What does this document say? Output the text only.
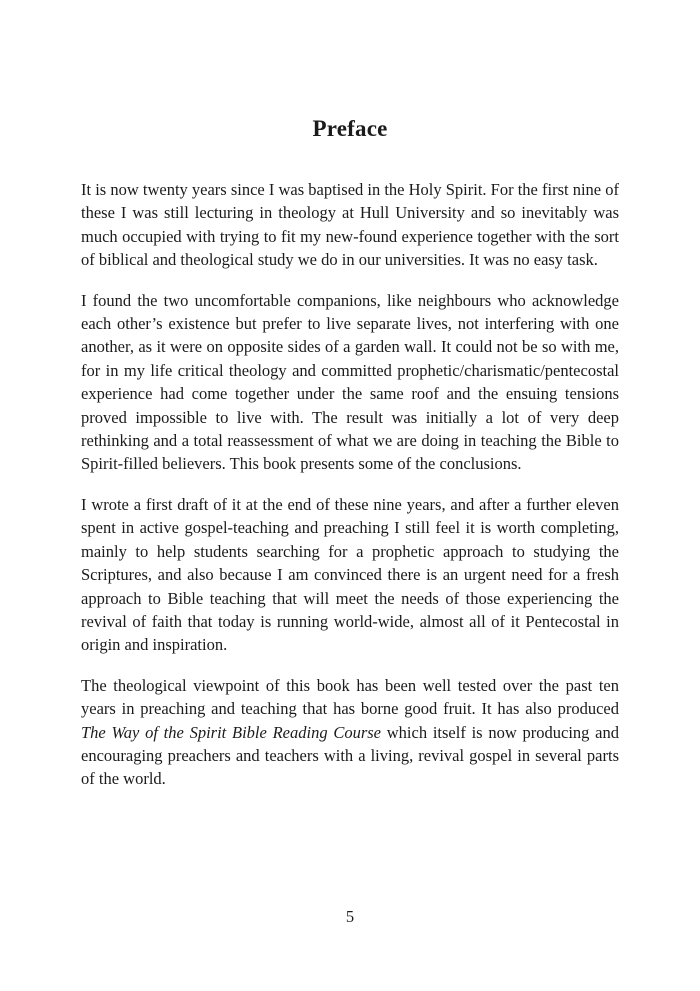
Preface

It is now twenty years since I was baptised in the Holy Spirit. For the first nine of these I was still lecturing in theology at Hull University and so inevitably was much occupied with trying to fit my new-found experience together with the sort of biblical and theological study we do in our universities. It was no easy task.

I found the two uncomfortable companions, like neighbours who acknowledge each other’s existence but prefer to live separate lives, not interfering with one another, as it were on opposite sides of a garden wall. It could not be so with me, for in my life critical theology and committed prophetic/charismatic/pentecostal experience had come together under the same roof and the ensuing tensions proved impossible to live with. The result was initially a lot of very deep rethinking and a total reassessment of what we are doing in teaching the Bible to Spirit-filled believers. This book presents some of the conclusions.

I wrote a first draft of it at the end of these nine years, and after a further eleven spent in active gospel-teaching and preaching I still feel it is worth completing, mainly to help students searching for a prophetic approach to studying the Scriptures, and also because I am convinced there is an urgent need for a fresh approach to Bible teaching that will meet the needs of those experiencing the revival of faith that today is running world-wide, almost all of it Pentecostal in origin and inspiration.

The theological viewpoint of this book has been well tested over the past ten years in preaching and teaching that has borne good fruit. It has also produced The Way of the Spirit Bible Reading Course which itself is now producing and encouraging preachers and teachers with a living, revival gospel in several parts of the world.

5
